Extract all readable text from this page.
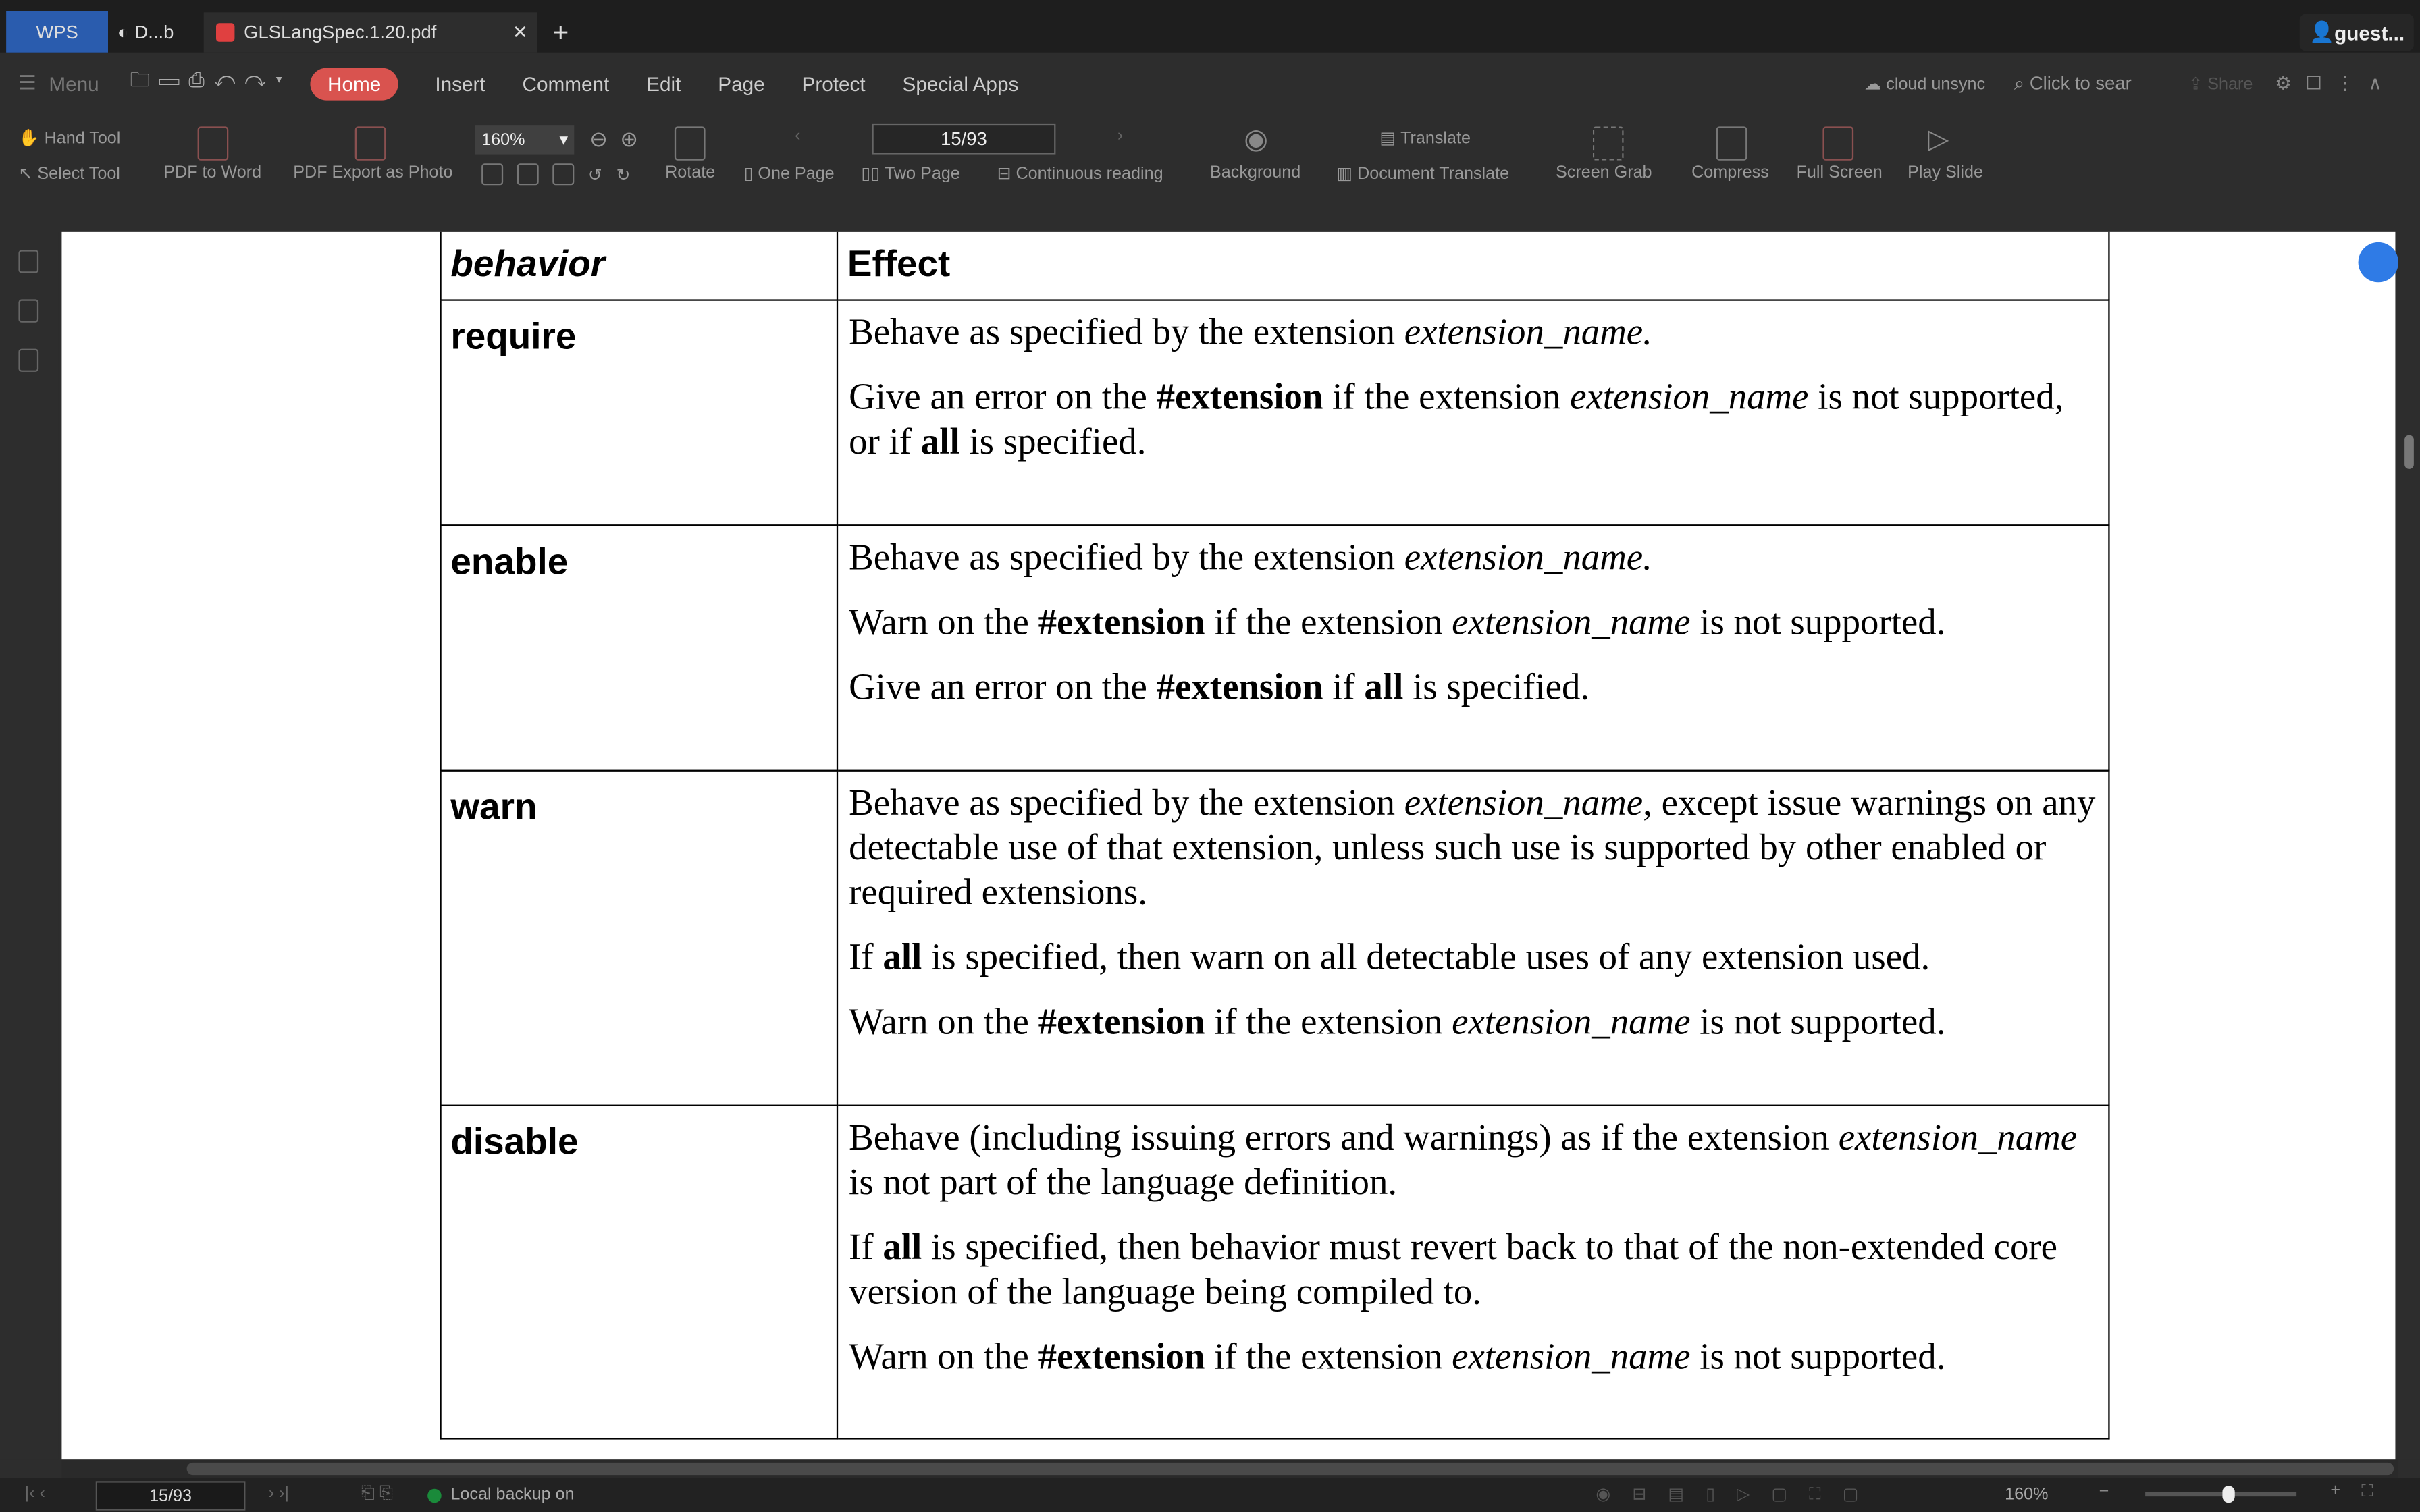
WPS	◐ D...b	GLSLangSpec.1.20.pdf	✕ +	👤 guest...
☰ Menu	🗀▭⎙↶↷▾	Home	Insert	Comment	Edit	Page	Protect	Special Apps	☁ cloud unsync	⌕ Click to sear	⇪ Share	⚙☐⋮∧
✋ Hand Tool
↖ Select Tool	PDF to Word	PDF Export as Photo
160%	▾ ⊖ ⊕
↺ ↻	Rotate
‹	15/93	›
▯ One Page	▯▯ Two Page	⊟ Continuous reading
◉
Background
▤ Translate
▥ Document Translate	Screen Grab	Compress	Full Screen
▷
Play Slide
behavior	Effect

require	Behave as specified by the extension extension_name.

Give an error on the #extension if the extension extension_name is not supported, or if all is specified.

enable	Behave as specified by the extension extension_name.

Warn on the #extension if the extension extension_name is not supported.

Give an error on the #extension if all is specified.

warn	Behave as specified by the extension extension_name, except issue warnings on any detectable use of that extension, unless such use is supported by other enabled or required extensions.

If all is specified, then warn on all detectable uses of any extension used.

Warn on the #extension if the extension extension_name is not supported.

disable	Behave (including issuing errors and warnings) as if the extension extension_name is not part of the language definition.

If all is specified, then behavior must revert back to that of the non-extended core version of the language being compiled to.

Warn on the #extension if the extension extension_name is not supported.

|‹ ‹	15/93	› ›|	⎗ ⎘	Local backup on	◉⊟▤▯▷▢⛶▢	160%	−	+	⛶
